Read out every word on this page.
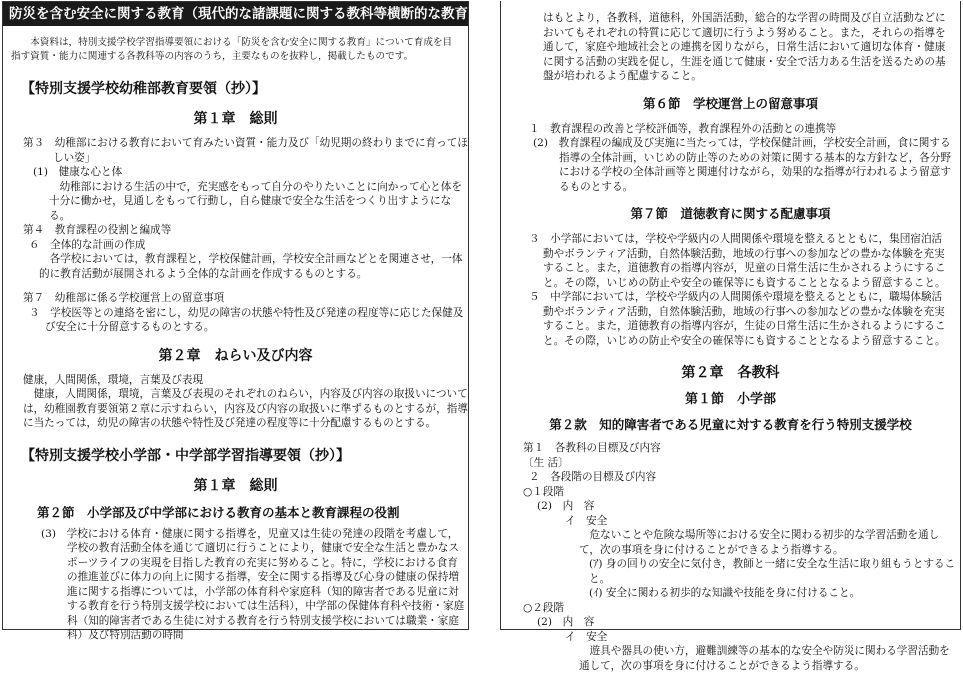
防災を含む安全に関する教育（現代的な諸課題に関する教科等横断的な教育内容）
本資料は，特別支援学校学習指導要領における「防災を含む安全に関する教育」について育成を目指す資質・能力に関連する各教科等の内容のうち，主要なものを抜粋し，掲載したものです。
【特別支援学校幼稚部教育要領（抄）】
第１章　総則
第３　幼稚部における教育において育みたい資質・能力及び「幼児期の終わりまでに育ってほしい姿」
(1)　健康な心と体
幼稚部における生活の中で，充実感をもって自分のやりたいことに向かって心と体を十分に働かせ，見通しをもって行動し，自ら健康で安全な生活をつくり出すようになる。
第４　教育課程の役割と編成等
６　全体的な計画の作成
各学校においては，教育課程と，学校保健計画，学校安全計画などとを関連させ，一体的に教育活動が展開されるよう全体的な計画を作成するものとする。
第７　幼稚部に係る学校運営上の留意事項
３　学校医等との連絡を密にし，幼児の障害の状態や特性及び発達の程度等に応じた保健及び安全に十分留意するものとする。
第２章　ねらい及び内容
健康，人間関係，環境，言葉及び表現
健康，人間関係，環境，言葉及び表現のそれぞれのねらい，内容及び内容の取扱いについては，幼稚園教育要領第２章に示すねらい，内容及び内容の取扱いに準ずるものとするが，指導に当たっては，幼児の障害の状態や特性及び発達の程度等に十分配慮するものとする。
【特別支援学校小学部・中学部学習指導要領（抄）】
第１章　総則
第２節　小学部及び中学部における教育の基本と教育課程の役割
(3)　学校における体育・健康に関する指導を，児童又は生徒の発達の段階を考慮して，学校の教育活動全体を通じて適切に行うことにより，健康で安全な生活と豊かなスポーツライフの実現を目指した教育の充実に努めること。特に，学校における食育の推進並びに体力の向上に関する指導，安全に関する指導及び心身の健康の保持増進に関する指導については，小学部の体育科や家庭科（知的障害者である児童に対する教育を行う特別支援学校においては生活科），中学部の保健体育科や技術・家庭科（知的障害者である生徒に対する教育を行う特別支援学校においては職業・家庭科）及び特別活動の時間
はもとより，各教科，道徳科，外国語活動，総合的な学習の時間及び自立活動などにおいてもそれぞれの特質に応じて適切に行うよう努めること。また，それらの指導を通して，家庭や地域社会との連携を図りながら，日常生活において適切な体育・健康に関する活動の実践を促し，生涯を通じて健康・安全で活力ある生活を送るための基盤が培われるよう配慮すること。
第６節　学校運営上の留意事項
１　教育課程の改善と学校評価等，教育課程外の活動との連携等
(2)　教育課程の編成及び実施に当たっては，学校保健計画，学校安全計画，食に関する指導の全体計画，いじめの防止等のための対策に関する基本的な方針など，各分野における学校の全体計画等と関連付けながら，効果的な指導が行われるよう留意するものとする。
第７節　道徳教育に関する配慮事項
３　小学部においては，学校や学級内の人間関係や環境を整えるとともに，集団宿泊活動やボランティア活動，自然体験活動，地域の行事への参加などの豊かな体験を充実すること。また，道徳教育の指導内容が，児童の日常生活に生かされるようにすること。その際，いじめの防止や安全の確保等にも資することとなるよう留意すること。
５　中学部においては，学校や学級内の人間関係や環境を整えるとともに，職場体験活動やボランティア活動，自然体験活動，地域の行事への参加などの豊かな体験を充実すること。また，道徳教育の指導内容が，生徒の日常生活に生かされるようにすること。その際，いじめの防止や安全の確保等にも資することとなるよう留意すること。
第２章　各教科
第１節　小学部
第２款　知的障害者である児童に対する教育を行う特別支援学校
第１　各教科の目標及び内容
〔生 活〕
２　各段階の目標及び内容
○１段階
(2)　内　容
イ　安全
危ないことや危険な場所等における安全に関わる初歩的な学習活動を通して，次の事項を身に付けることができるよう指導する。
(ｱ) 身の回りの安全に気付き，教師と一緒に安全な生活に取り組もうとすること。
(ｲ) 安全に関わる初歩的な知識や技能を身に付けること。
○２段階
(2)　内　容
イ　安全
遊具や器具の使い方，避難訓練等の基本的な安全や防災に関わる学習活動を通して，次の事項を身に付けることができるよう指導する。
